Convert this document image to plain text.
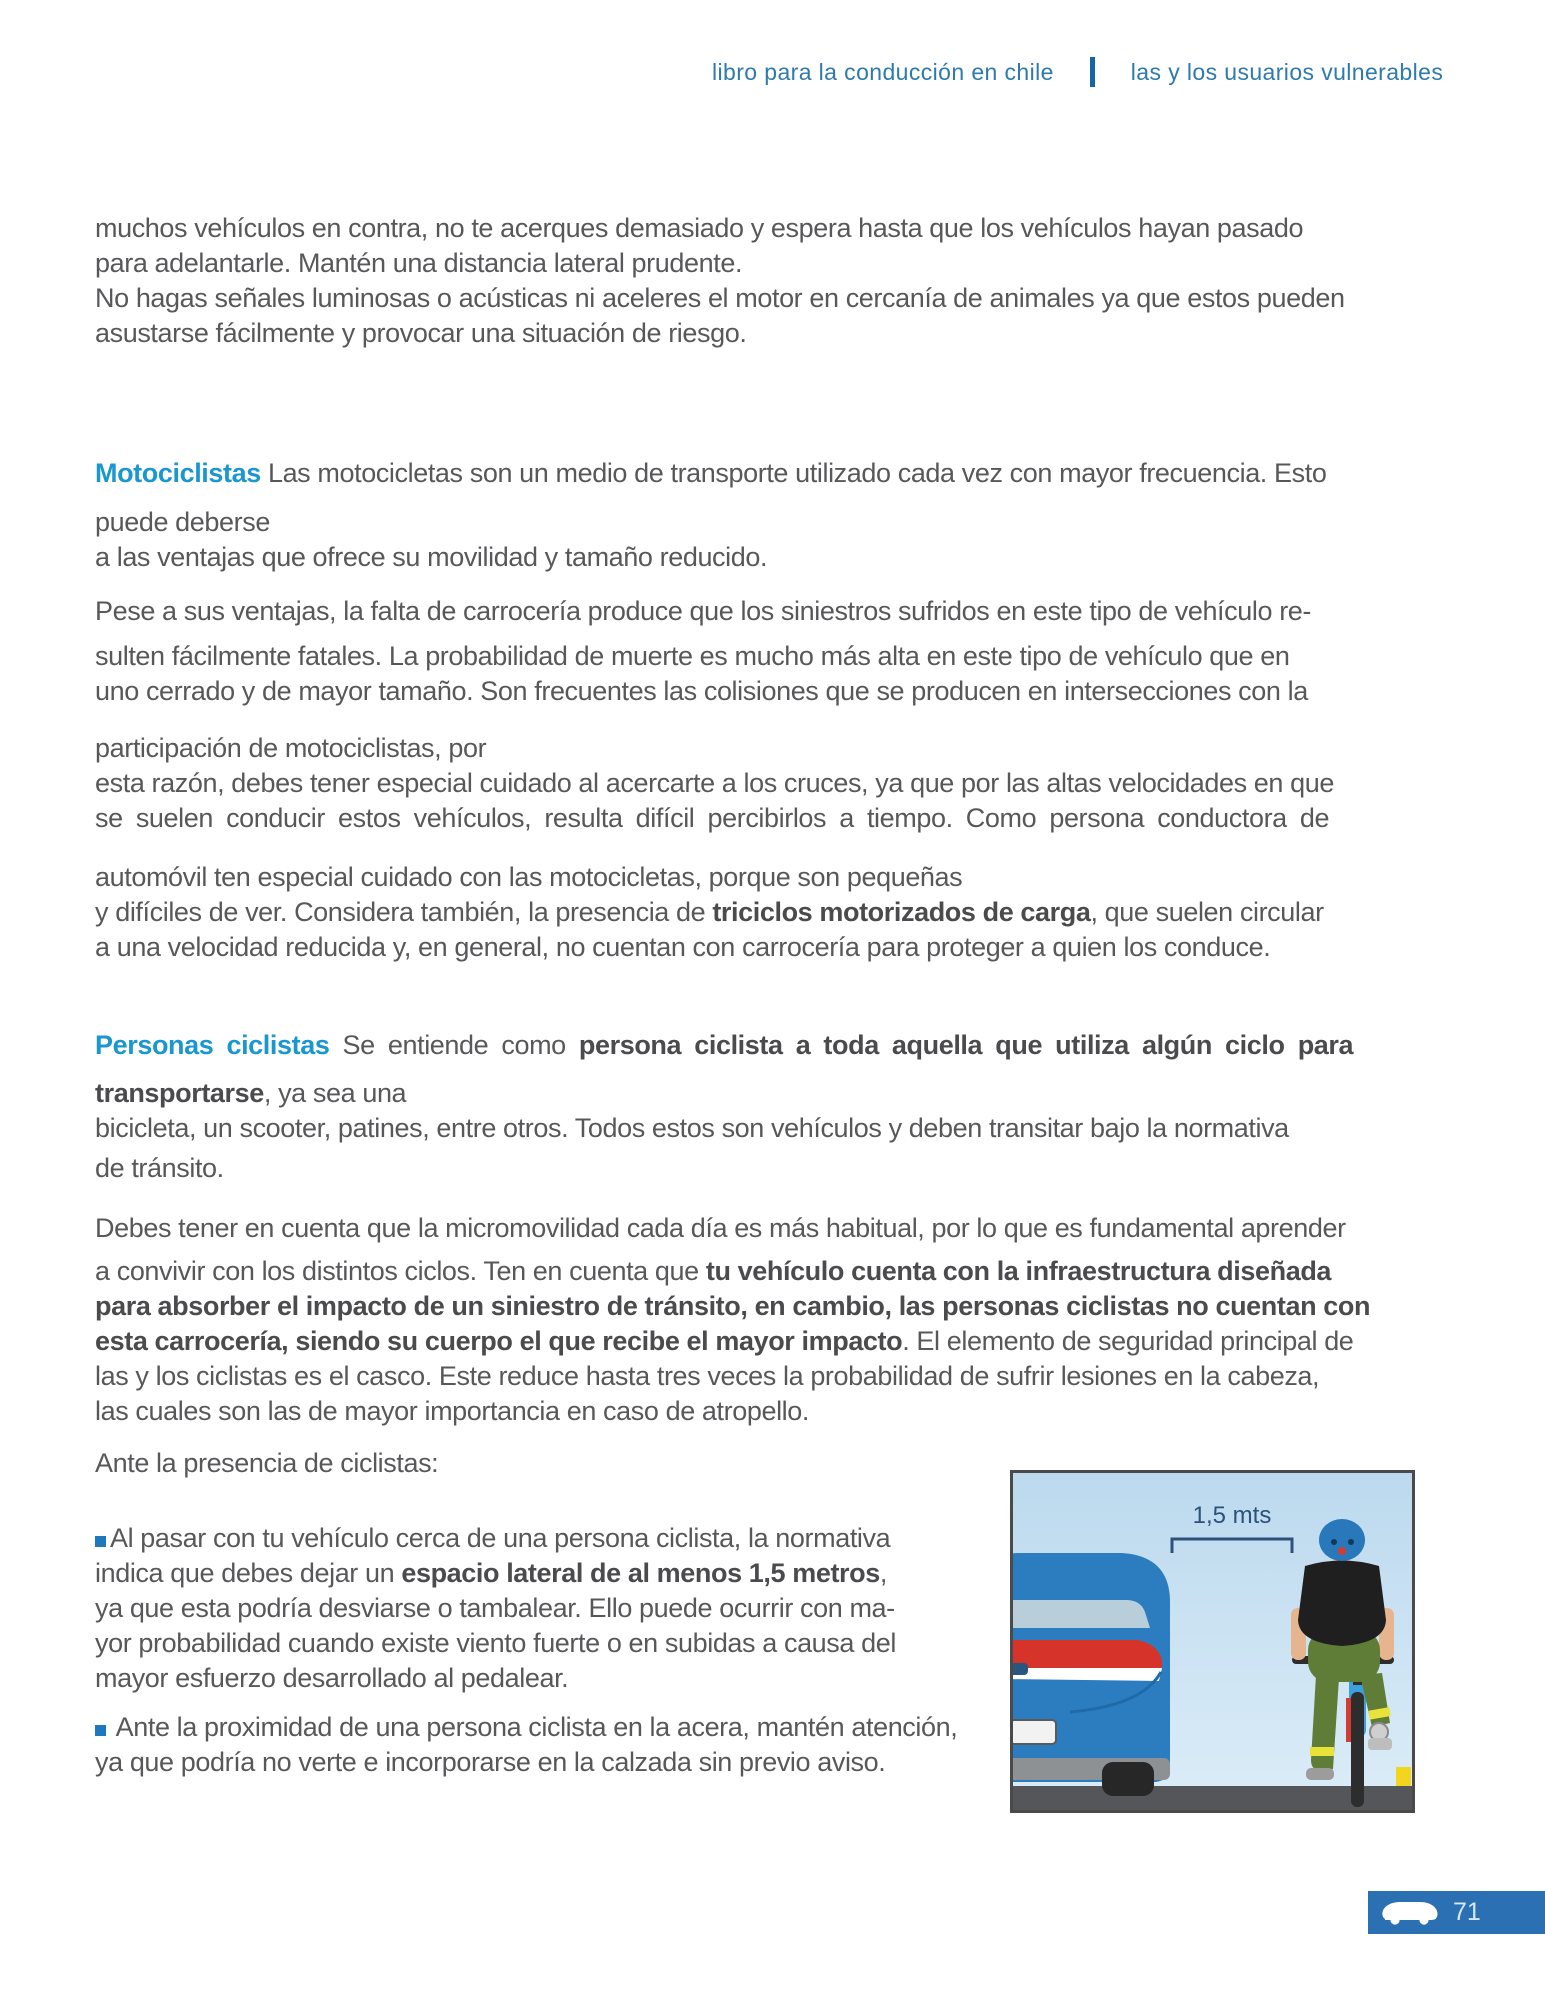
libro para la conducción en chile	las y los usuarios vulnerables
muchos vehículos en contra, no te acerques demasiado y espera hasta que los vehículos hayan pasado
para adelantarle. Mantén una distancia lateral prudente.
No hagas señales luminosas o acústicas ni aceleres el motor en cercanía de animales ya que estos pueden
asustarse fácilmente y provocar una situación de riesgo.
Motociclistas Las motocicletas son un medio de transporte utilizado cada vez con mayor frecuencia. Esto
puede deberse
a las ventajas que ofrece su movilidad y tamaño reducido.
Pese a sus ventajas, la falta de carrocería produce que los siniestros sufridos en este tipo de vehículo re-
sulten fácilmente fatales. La probabilidad de muerte es mucho más alta en este tipo de vehículo que en
uno cerrado y de mayor tamaño. Son frecuentes las colisiones que se producen en intersecciones con la
participación de motociclistas, por
esta razón, debes tener especial cuidado al acercarte a los cruces, ya que por las altas velocidades en que
se suelen conducir estos vehículos, resulta difícil percibirlos a tiempo. Como persona conductora de
automóvil ten especial cuidado con las motocicletas, porque son pequeñas
y difíciles de ver. Considera también, la presencia de triciclos motorizados de carga, que suelen circular
a una velocidad reducida y, en general, no cuentan con carrocería para proteger a quien los conduce.
Personas ciclistas Se entiende como persona ciclista a toda aquella que utiliza algún ciclo para
transportarse, ya sea una
bicicleta, un scooter, patines, entre otros. Todos estos son vehículos y deben transitar bajo la normativa
de tránsito.
Debes tener en cuenta que la micromovilidad cada día es más habitual, por lo que es fundamental aprender
a convivir con los distintos ciclos. Ten en cuenta que tu vehículo cuenta con la infraestructura diseñada
para absorber el impacto de un siniestro de tránsito, en cambio, las personas ciclistas no cuentan con
esta carrocería, siendo su cuerpo el que recibe el mayor impacto. El elemento de seguridad principal de
las y los ciclistas es el casco. Este reduce hasta tres veces la probabilidad de sufrir lesiones en la cabeza,
las cuales son las de mayor importancia en caso de atropello.
Ante la presencia de ciclistas:
Al pasar con tu vehículo cerca de una persona ciclista, la normativa
indica que debes dejar un espacio lateral de al menos 1,5 metros,
ya que esta podría desviarse o tambalear. Ello puede ocurrir con ma-
yor probabilidad cuando existe viento fuerte o en subidas a causa del
mayor esfuerzo desarrollado al pedalear.
Ante la proximidad de una persona ciclista en la acera, mantén atención,
ya que podría no verte e incorporarse en la calzada sin previo aviso.
1,5 mts
71
